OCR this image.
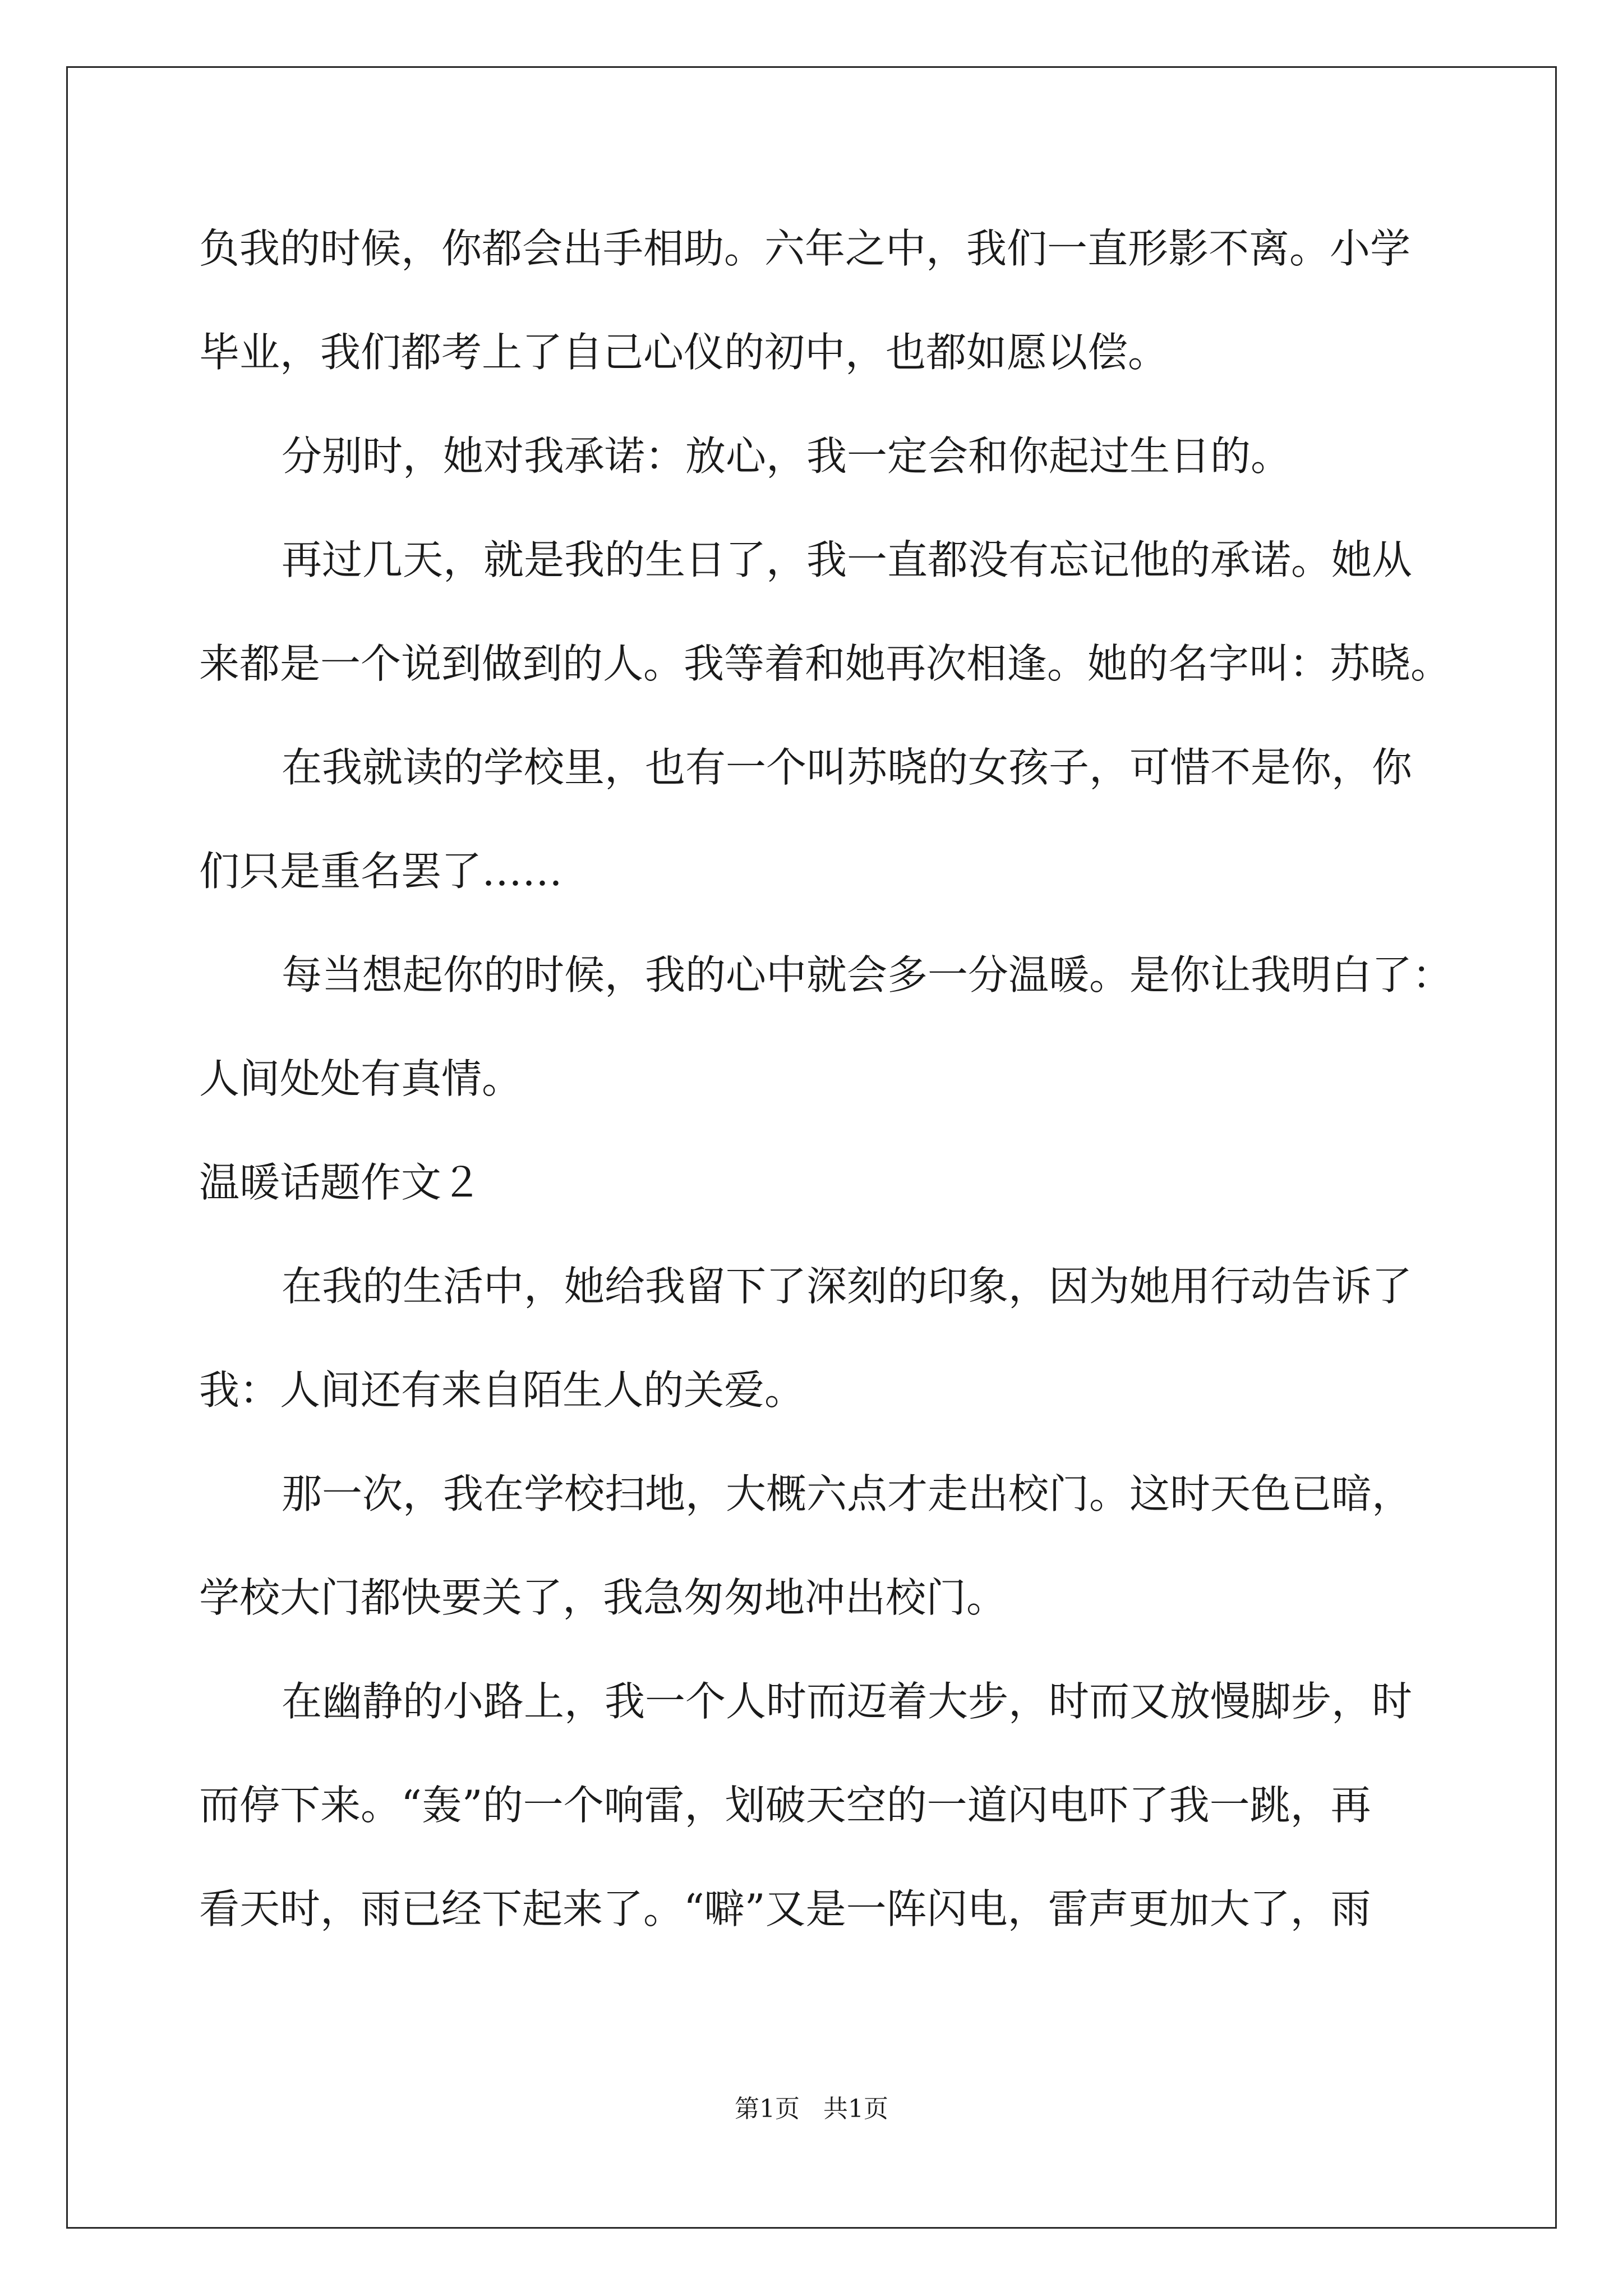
负我的时候，你都会出手相助。六年之中，我们一直形影不离。小学

毕业，我们都考上了自己心仪的初中，也都如愿以偿。

分别时，她对我承诺：放心，我一定会和你起过生日的。

再过几天，就是我的生日了，我一直都没有忘记他的承诺。她从

来都是一个说到做到的人。我等着和她再次相逢。她的名字叫：苏晓。

在我就读的学校里，也有一个叫苏晓的女孩子，可惜不是你，你

们只是重名罢了……

每当想起你的时候，我的心中就会多一分温暖。是你让我明白了：

人间处处有真情。

温暖话题作文２

在我的生活中，她给我留下了深刻的印象，因为她用行动告诉了

我：人间还有来自陌生人的关爱。

那一次，我在学校扫地，大概六点才走出校门。这时天色已暗，

学校大门都快要关了，我急匆匆地冲出校门。

在幽静的小路上，我一个人时而迈着大步，时而又放慢脚步，时

而停下来。“轰”的一个响雷，划破天空的一道闪电吓了我一跳，再

看天时，雨已经下起来了。“噼”又是一阵闪电，雷声更加大了，雨

第1页 共1页
